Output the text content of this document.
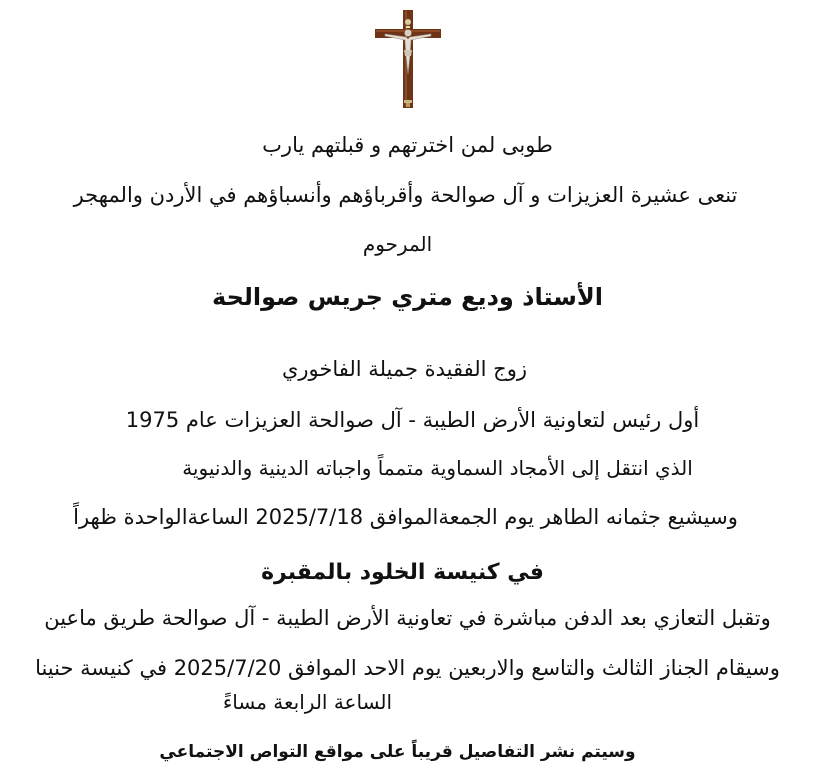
طوبى لمن اخترتهم و قبلتهم يارب
تنعى عشيرة العزيزات و آل صوالحة وأقرباؤهم وأنسباؤهم في الأردن والمهجر
المرحوم
الأستاذ وديع متري جريس صوالحة
زوج الفقيدة جميلة الفاخوري
أول رئيس لتعاونية الأرض الطيبة - آل صوالحة العزيزات عام 1975
الذي انتقل إلى الأمجاد السماوية متمماً واجباته الدينية والدنيوية
وسيشيع جثمانه الطاهر يوم الجمعةالموافق 2025/7/18 الساعةالواحدة ظهراً
في كنيسة الخلود بالمقبرة
وتقبل التعازي بعد الدفن مباشرة في تعاونية الأرض الطيبة - آل صوالحة طريق ماعين
وسيقام الجناز الثالث والتاسع والاربعين يوم الاحد الموافق 2025/7/20 في كنيسة حنينا
الساعة الرابعة مساءً
وسيتم نشر التفاصيل قريباً على مواقع التواص الاجتماعي
